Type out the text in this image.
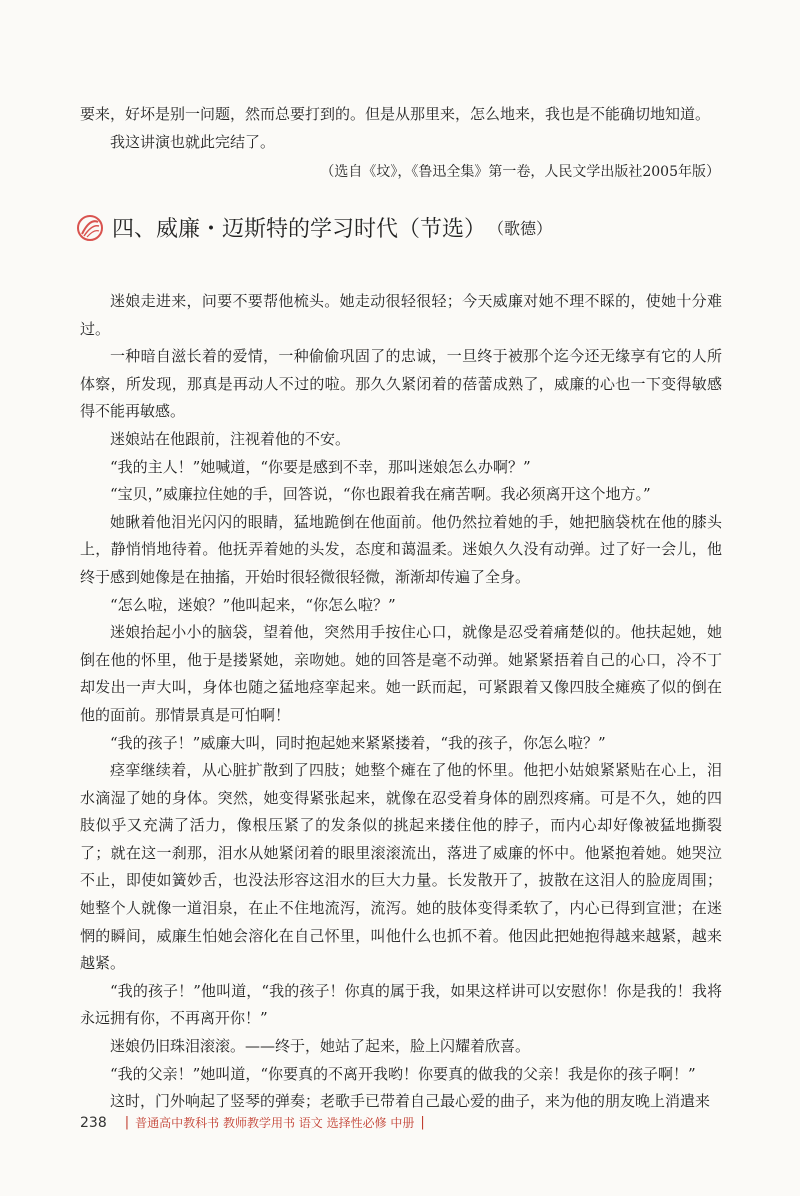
要来，好坏是别一问题，然而总要打到的。但是从那里来，怎么地来，我也是不能确切地知道。

我这讲演也就此完结了。

（选自《坟》，《鲁迅全集》第一卷，人民文学出版社2005年版）

四、威廉・迈斯特的学习时代（节选） （歌德）

迷娘走进来，问要不要帮他梳头。她走动很轻很轻；今天威廉对她不理不睬的，使她十分难过。

一种暗自滋长着的爱情，一种偷偷巩固了的忠诚，一旦终于被那个迄今还无缘享有它的人所体察，所发现，那真是再动人不过的啦。那久久紧闭着的蓓蕾成熟了，威廉的心也一下变得敏感得不能再敏感。

迷娘站在他跟前，注视着他的不安。

“我的主人！”她喊道，“你要是感到不幸，那叫迷娘怎么办啊？”

“宝贝，”威廉拉住她的手，回答说，“你也跟着我在痛苦啊。我必须离开这个地方。”

她瞅着他泪光闪闪的眼睛，猛地跪倒在他面前。他仍然拉着她的手，她把脑袋枕在他的膝头上，静悄悄地待着。他抚弄着她的头发，态度和蔼温柔。迷娘久久没有动弹。过了好一会儿，他终于感到她像是在抽搐，开始时很轻微很轻微，渐渐却传遍了全身。

“怎么啦，迷娘？”他叫起来，“你怎么啦？”

迷娘抬起小小的脑袋，望着他，突然用手按住心口，就像是忍受着痛楚似的。他扶起她，她倒在他的怀里，他于是搂紧她，亲吻她。她的回答是毫不动弹。她紧紧捂着自己的心口，冷不丁却发出一声大叫，身体也随之猛地痉挛起来。她一跃而起，可紧跟着又像四肢全瘫痪了似的倒在他的面前。那情景真是可怕啊！

“我的孩子！”威廉大叫，同时抱起她来紧紧搂着，“我的孩子，你怎么啦？”

痉挛继续着，从心脏扩散到了四肢；她整个瘫在了他的怀里。他把小姑娘紧紧贴在心上，泪水滴湿了她的身体。突然，她变得紧张起来，就像在忍受着身体的剧烈疼痛。可是不久，她的四肢似乎又充满了活力，像根压紧了的发条似的挑起来搂住他的脖子，而内心却好像被猛地撕裂了；就在这一刹那，泪水从她紧闭着的眼里滚滚流出，落进了威廉的怀中。他紧抱着她。她哭泣不止，即使如簧妙舌，也没法形容这泪水的巨大力量。长发散开了，披散在这泪人的脸庞周围；她整个人就像一道泪泉，在止不住地流泻，流泻。她的肢体变得柔软了，内心已得到宣泄；在迷惘的瞬间，威廉生怕她会溶化在自己怀里，叫他什么也抓不着。他因此把她抱得越来越紧，越来越紧。

“我的孩子！”他叫道，“我的孩子！你真的属于我，如果这样讲可以安慰你！你是我的！我将永远拥有你，不再离开你！”

迷娘仍旧珠泪滚滚。——终于，她站了起来，脸上闪耀着欣喜。

“我的父亲！”她叫道，“你要真的不离开我哟！你要真的做我的父亲！我是你的孩子啊！”

这时，门外响起了竖琴的弹奏；老歌手已带着自己最心爱的曲子，来为他的朋友晚上消遣来

238 | 普通高中教科书 教师教学用书 语文 选择性必修 中册 |
